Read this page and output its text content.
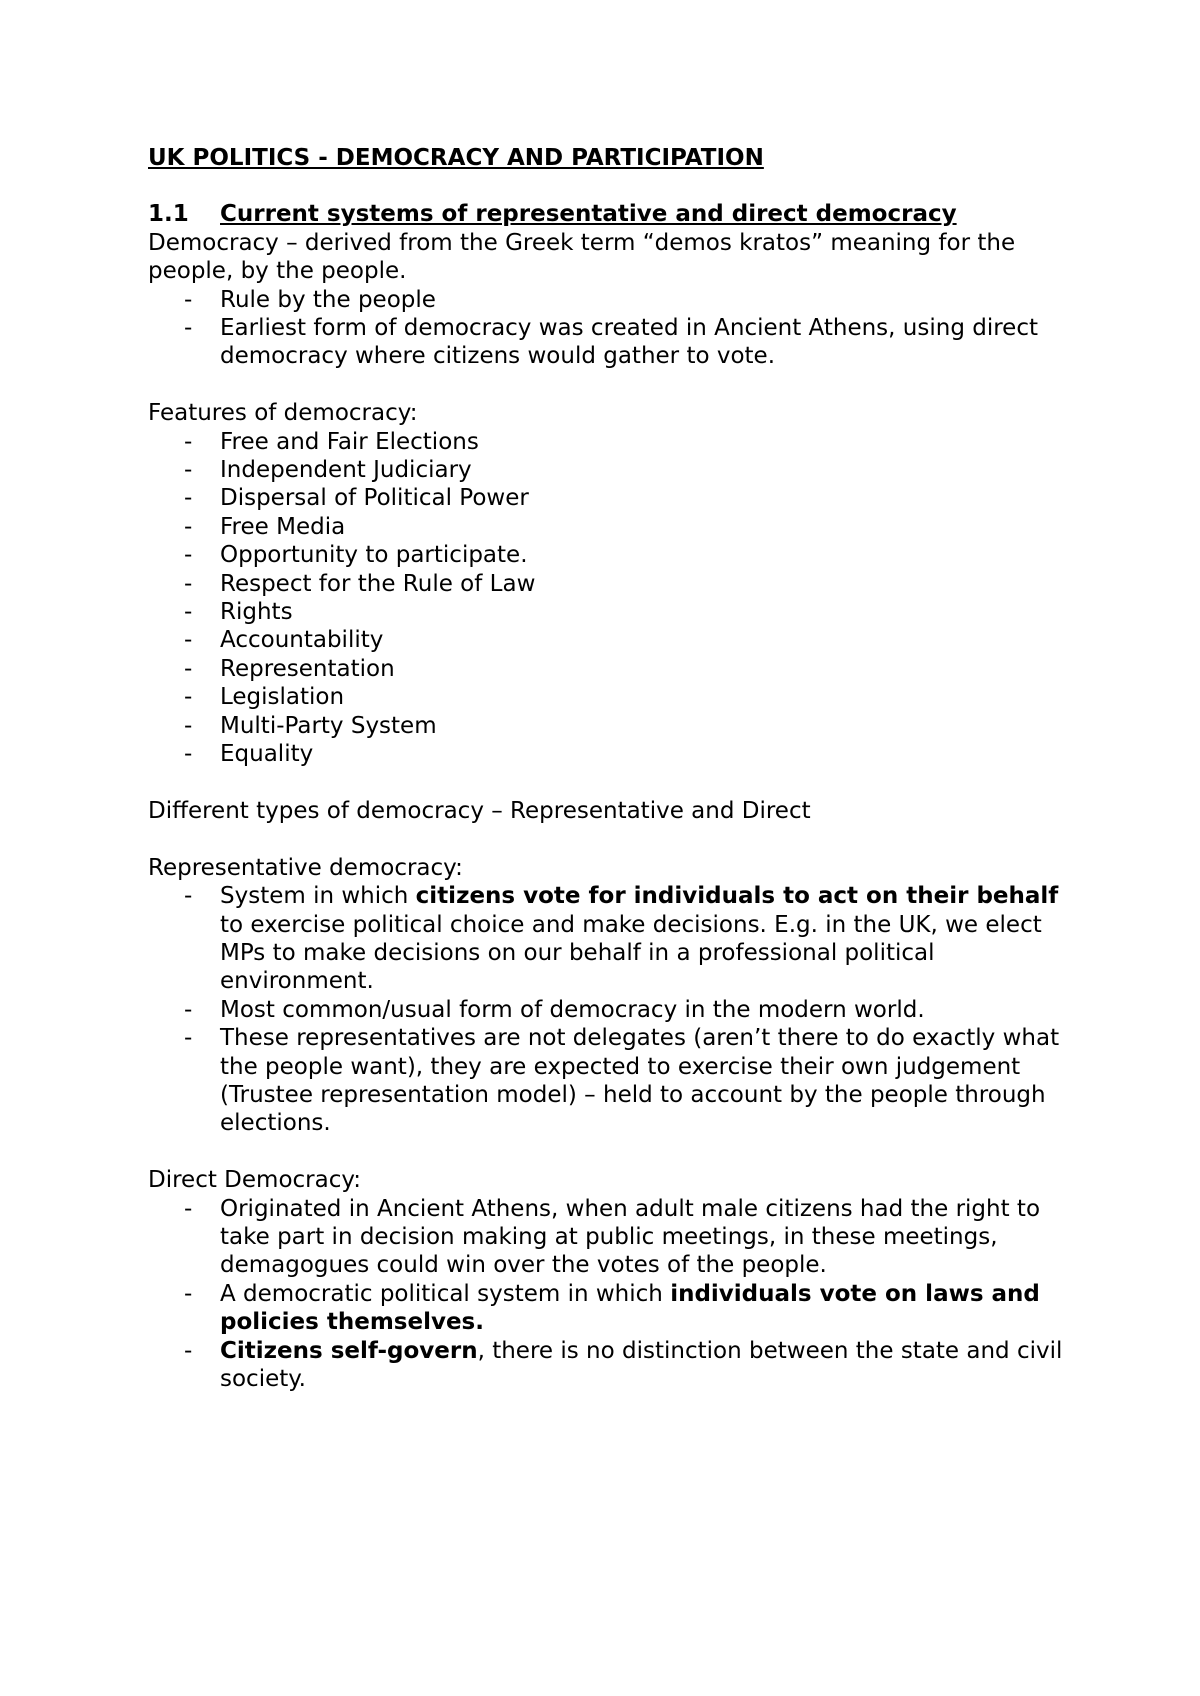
UK POLITICS - DEMOCRACY AND PARTICIPATION
1.1	Current systems of representative and direct democracy

Democracy – derived from the Greek term “demos kratos” meaning for the people, by the people.

- Rule by the people
- Earliest form of democracy was created in Ancient Athens, using direct democracy where citizens would gather to vote.

Features of democracy:

- Free and Fair Elections
- Independent Judiciary
- Dispersal of Political Power
- Free Media
- Opportunity to participate.
- Respect for the Rule of Law
- Rights
- Accountability
- Representation
- Legislation
- Multi-Party System
- Equality

Different types of democracy – Representative and Direct

Representative democracy:

- System in which citizens vote for individuals to act on their behalf to exercise political choice and make decisions. E.g. in the UK, we elect MPs to make decisions on our behalf in a professional political environment.
- Most common/usual form of democracy in the modern world.
- These representatives are not delegates (aren’t there to do exactly what the people want), they are expected to exercise their own judgement (Trustee representation model) – held to account by the people through elections.

Direct Democracy:

- Originated in Ancient Athens, when adult male citizens had the right to take part in decision making at public meetings, in these meetings, demagogues could win over the votes of the people.
- A democratic political system in which individuals vote on laws and policies themselves.
- Citizens self-govern, there is no distinction between the state and civil society.
